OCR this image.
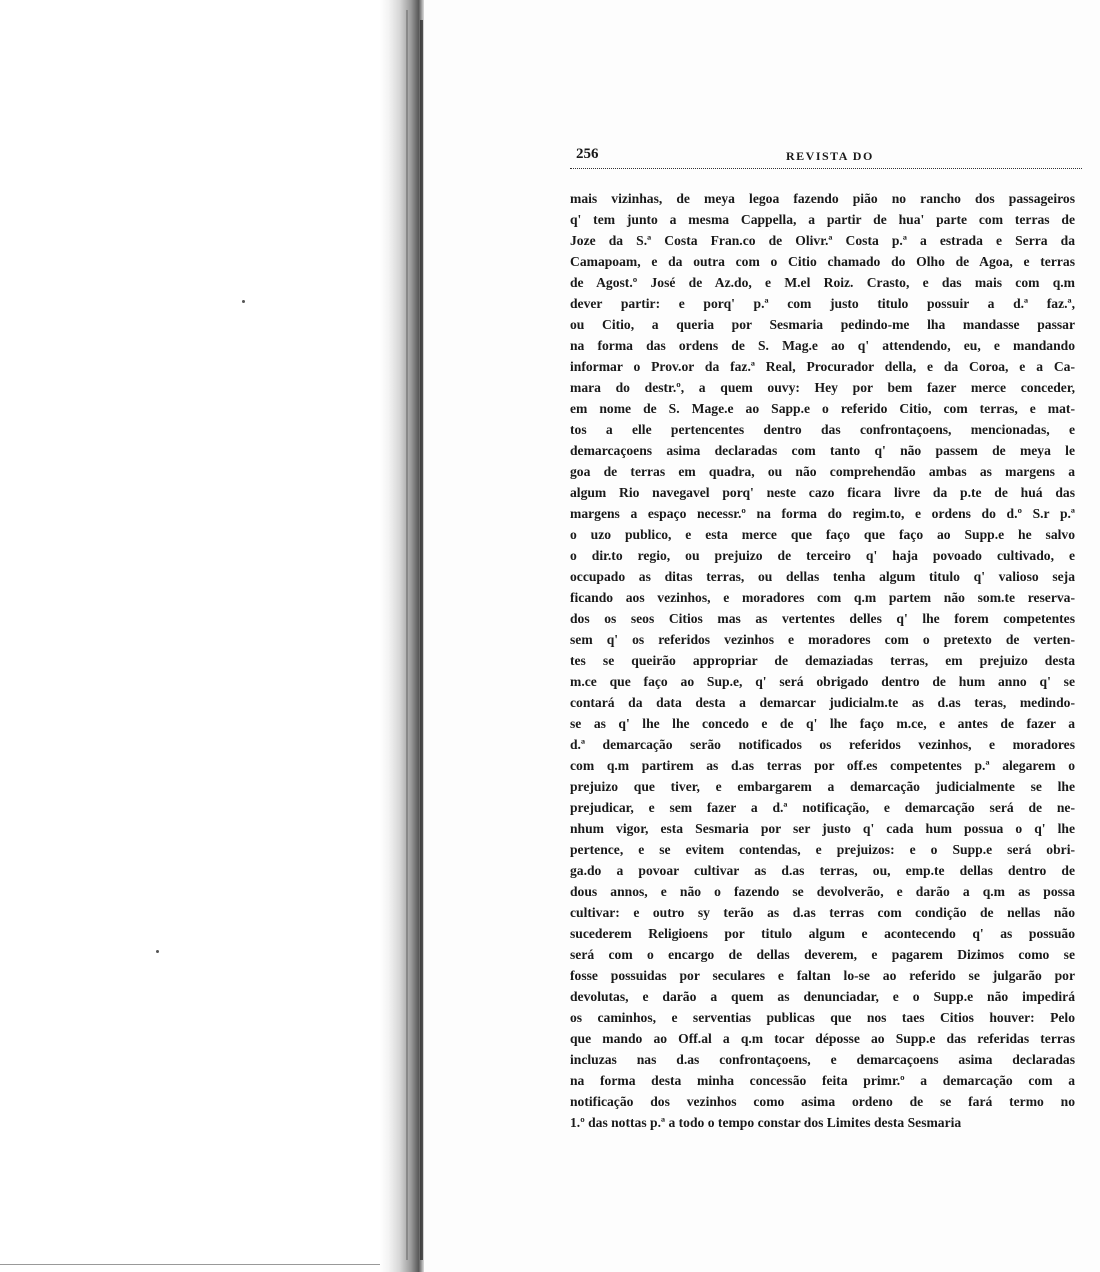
256	REVISTA DO
mais vizinhas, de meya legoa fazendo pião no rancho dos passageiros
q' tem junto a mesma Cappella, a partir de hua' parte com terras de
Joze da S.ª Costa Fran.co de Olivr.ª Costa p.ª a estrada e Serra da
Camapoam, e da outra com o Citio chamado do Olho de Agoa, e terras
de Agost.º José de Az.do, e M.el Roiz. Crasto, e das mais com q.m
dever partir: e porq' p.ª com justo titulo possuir a d.ª faz.ª,
ou Citio, a queria por Sesmaria pedindo-me lha mandasse passar
na forma das ordens de S. Mag.e ao q' attendendo, eu, e mandando
informar o Prov.or da faz.ª Real, Procurador della, e da Coroa, e a Ca-
mara do destr.º, a quem ouvy: Hey por bem fazer merce conceder,
em nome de S. Mage.e ao Sapp.e o referido Citio, com terras, e mat-
tos a elle pertencentes dentro das confrontaçoens, mencionadas, e
demarcaçoens asima declaradas com tanto q' não passem de meya le
goa de terras em quadra, ou não comprehendão ambas as margens a
algum Rio navegavel porq' neste cazo ficara livre da p.te de huá das
margens a espaço necessr.º na forma do regim.to, e ordens do d.º S.r p.ª
o uzo publico, e esta merce que faço que faço ao Supp.e he salvo
o dir.to regio, ou prejuizo de terceiro q' haja povoado cultivado, e
occupado as ditas terras, ou dellas tenha algum titulo q' valioso seja
ficando aos vezinhos, e moradores com q.m partem não som.te reserva-
dos os seos Citios mas as vertentes delles q' lhe forem competentes
sem q' os referidos vezinhos e moradores com o pretexto de verten-
tes se queirão appropriar de demaziadas terras, em prejuizo desta
m.ce que faço ao Sup.e, q' será obrigado dentro de hum anno q' se
contará da data desta a demarcar judicialm.te as d.as teras, medindo-
se as q' lhe lhe concedo e de q' lhe faço m.ce, e antes de fazer a
d.ª demarcação serão notificados os referidos vezinhos, e moradores
com q.m partirem as d.as terras por off.es competentes p.ª alegarem o
prejuizo que tiver, e embargarem a demarcação judicialmente se lhe
prejudicar, e sem fazer a d.ª notificação, e demarcação será de ne-
nhum vigor, esta Sesmaria por ser justo q' cada hum possua o q' lhe
pertence, e se evitem contendas, e prejuizos: e o Supp.e será obri-
ga.do a povoar cultivar as d.as terras, ou, emp.te dellas dentro de
dous annos, e não o fazendo se devolverão, e darão a q.m as possa
cultivar: e outro sy terão as d.as terras com condição de nellas não
sucederem Religioens por titulo algum e acontecendo q' as possuão
será com o encargo de dellas deverem, e pagarem Dizimos como se
fosse possuidas por seculares e faltan lo-se ao referido se julgarão por
devolutas, e darão a quem as denunciadar, e o Supp.e não impedirá
os caminhos, e serventias publicas que nos taes Citios houver: Pelo
que mando ao Off.al a q.m tocar déposse ao Supp.e das referidas terras
incluzas nas d.as confrontaçoens, e demarcaçoens asima declaradas
na forma desta minha concessão feita primr.º a demarcação com a
notificação dos vezinhos como asima ordeno de se fará termo no
1.º das nottas p.ª a todo o tempo constar dos Limites desta Sesmaria
